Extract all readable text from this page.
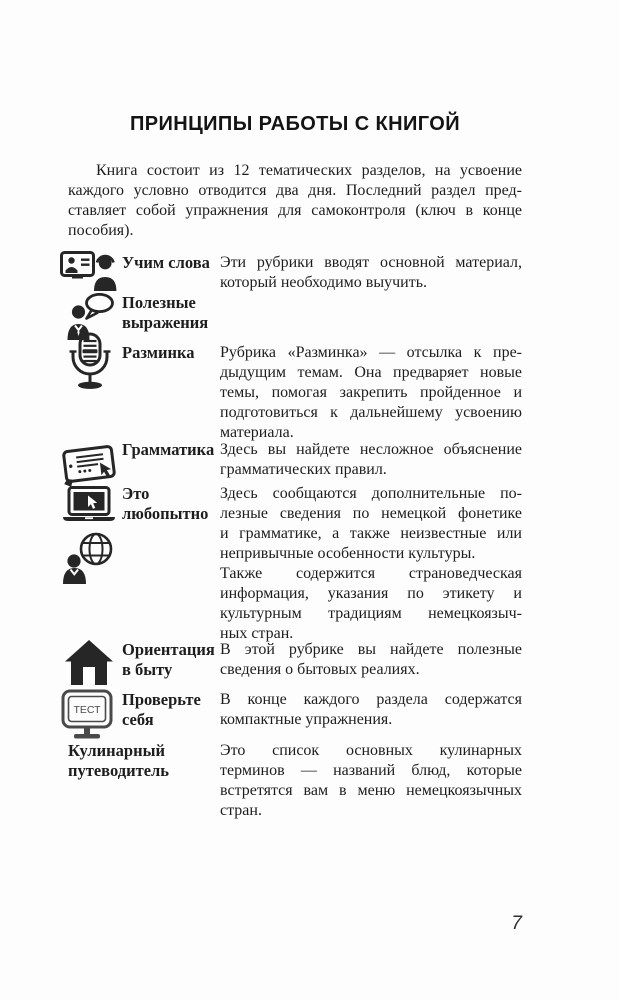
ПРИНЦИПЫ РАБОТЫ С КНИГОЙ
Книга состоит из 12 тематических разделов, на усвоение
каждого условно отводится два дня. Последний раздел пред-
ставляет собой упражнения для самоконтроля (ключ в конце
пособия).
Учим слова Эти рубрики вводят основной материал,
который необходимо выучить.
Полезные
выражения
Разминка	Рубрика «Разминка» — отсылка к пре-
дыдущим темам. Она предваряет новые
темы, помогая закрепить пройденное и
подготовиться к дальнейшему усвоению
материала.
Грамматика Здесь вы найдете несложное объяснение
грамматических правил.
Это
любопытно
Здесь сообщаются дополнительные по-
лезные сведения по немецкой фонетике
и грамматике, а также неизвестные или
непривычные особенности культуры.
Также содержится страноведческая
информация, указания по этикету и
культурным традициям немецкоязыч-
ных стран.
Ориентация
в быту
В этой рубрике вы найдете полезные
сведения о бытовых реалиях.
ТЕСТ
Проверьте
себя
В конце каждого раздела содержатся
компактные упражнения.
Кулинарный
путеводитель
Это список основных кулинарных
терминов — названий блюд, которые
встретятся вам в меню немецкоязычных
стран.
7
